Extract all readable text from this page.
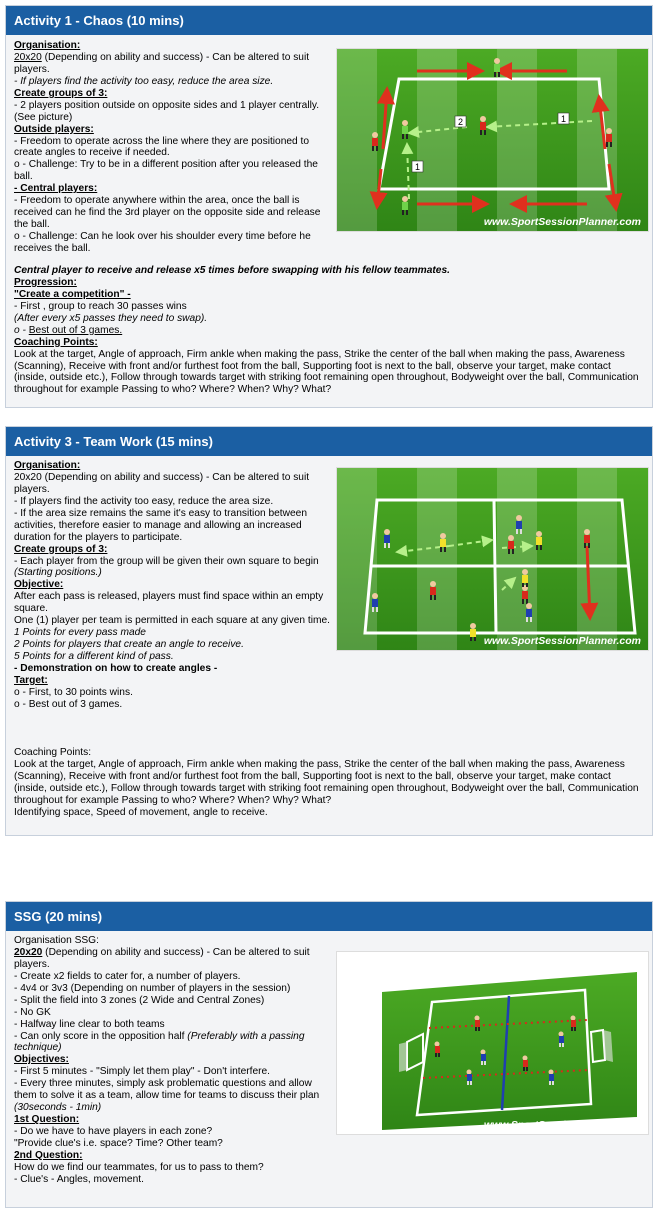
Activity 1 - Chaos (10 mins)

Organisation:

20x20 (Depending on ability and success) - Can be altered to suit players.

- If players find the activity too easy, reduce the area size.

Create groups of 3:

- 2 players position outside on opposite sides and 1 player centrally. (See picture)

Outside players:

- Freedom to operate across the line where they are positioned to create angles to receive if needed.

o - Challenge: Try to be in a different position after you released the ball.

- Central players:

- Freedom to operate anywhere within the area, once the ball is received can he find the 3rd player on the opposite side and release the ball.

o - Challenge: Can he look over his shoulder every time before he receives the ball.

2	1
1
www.SportSessionPlanner.com

Central player to receive and release x5 times before swapping with his fellow teammates.

Progression:

"Create a competition" -

- First , group to reach 30 passes wins

(After every x5 passes they need to swap).

o - Best out of 3 games.

Coaching Points:

Look at the target, Angle of approach, Firm ankle when making the pass, Strike the center of the ball when making the pass, Awareness (Scanning), Receive with front and/or furthest foot from the ball, Supporting foot is next to the ball, observe your target, make contact (inside, outside etc.), Follow through towards target with striking foot remaining open throughout, Bodyweight over the ball, Communication throughout for example Passing to who? Where? When? Why? What?

Activity 3 - Team Work (15 mins)

Organisation:

20x20 (Depending on ability and success) - Can be altered to suit players.

- If players find the activity too easy, reduce the area size.

- If the area size remains the same it's easy to transition between activities, therefore easier to manage and allowing an increased duration for the players to participate.

Create groups of 3:

- Each player from the group will be given their own square to begin (Starting positions.)

Objective:

After each pass is released, players must find space within an empty square.

One (1) player per team is permitted in each square at any given time.

1 Points for every pass made

2 Points for players that create an angle to receive.

5 Points for a different kind of pass.

- Demonstration on how to create angles -

Target:

o - First, to 30 points wins.

o - Best out of 3 games.

www.SportSessionPlanner.com

Coaching Points:

Look at the target, Angle of approach, Firm ankle when making the pass, Strike the center of the ball when making the pass, Awareness (Scanning), Receive with front and/or furthest foot from the ball, Supporting foot is next to the ball, observe your target, make contact (inside, outside etc.), Follow through towards target with striking foot remaining open throughout, Bodyweight over the ball, Communication throughout for example Passing to who? Where? When? Why? What?

Identifying space, Speed of movement, angle to receive.

SSG (20 mins)

Organisation SSG:

20x20 (Depending on ability and success) - Can be altered to suit players.

- Create x2 fields to cater for, a number of players.

- 4v4 or 3v3 (Depending on number of players in the session)

- Split the field into 3 zones (2 Wide and Central Zones)

- No GK

- Halfway line clear to both teams

- Can only score in the opposition half (Preferably with a passing technique)

Objectives:

- First 5 minutes - "Simply let them play" - Don't interfere.

- Every three minutes, simply ask problematic questions and allow them to solve it as a team, allow time for teams to discuss their plan (30seconds - 1min)

1st Question:

- Do we have to have players in each zone?

"Provide clue's i.e. space? Time? Other team?

2nd Question:

How do we find our teammates, for us to pass to them?

- Clue's - Angles, movement.

www.SportSessionPlanner.com
